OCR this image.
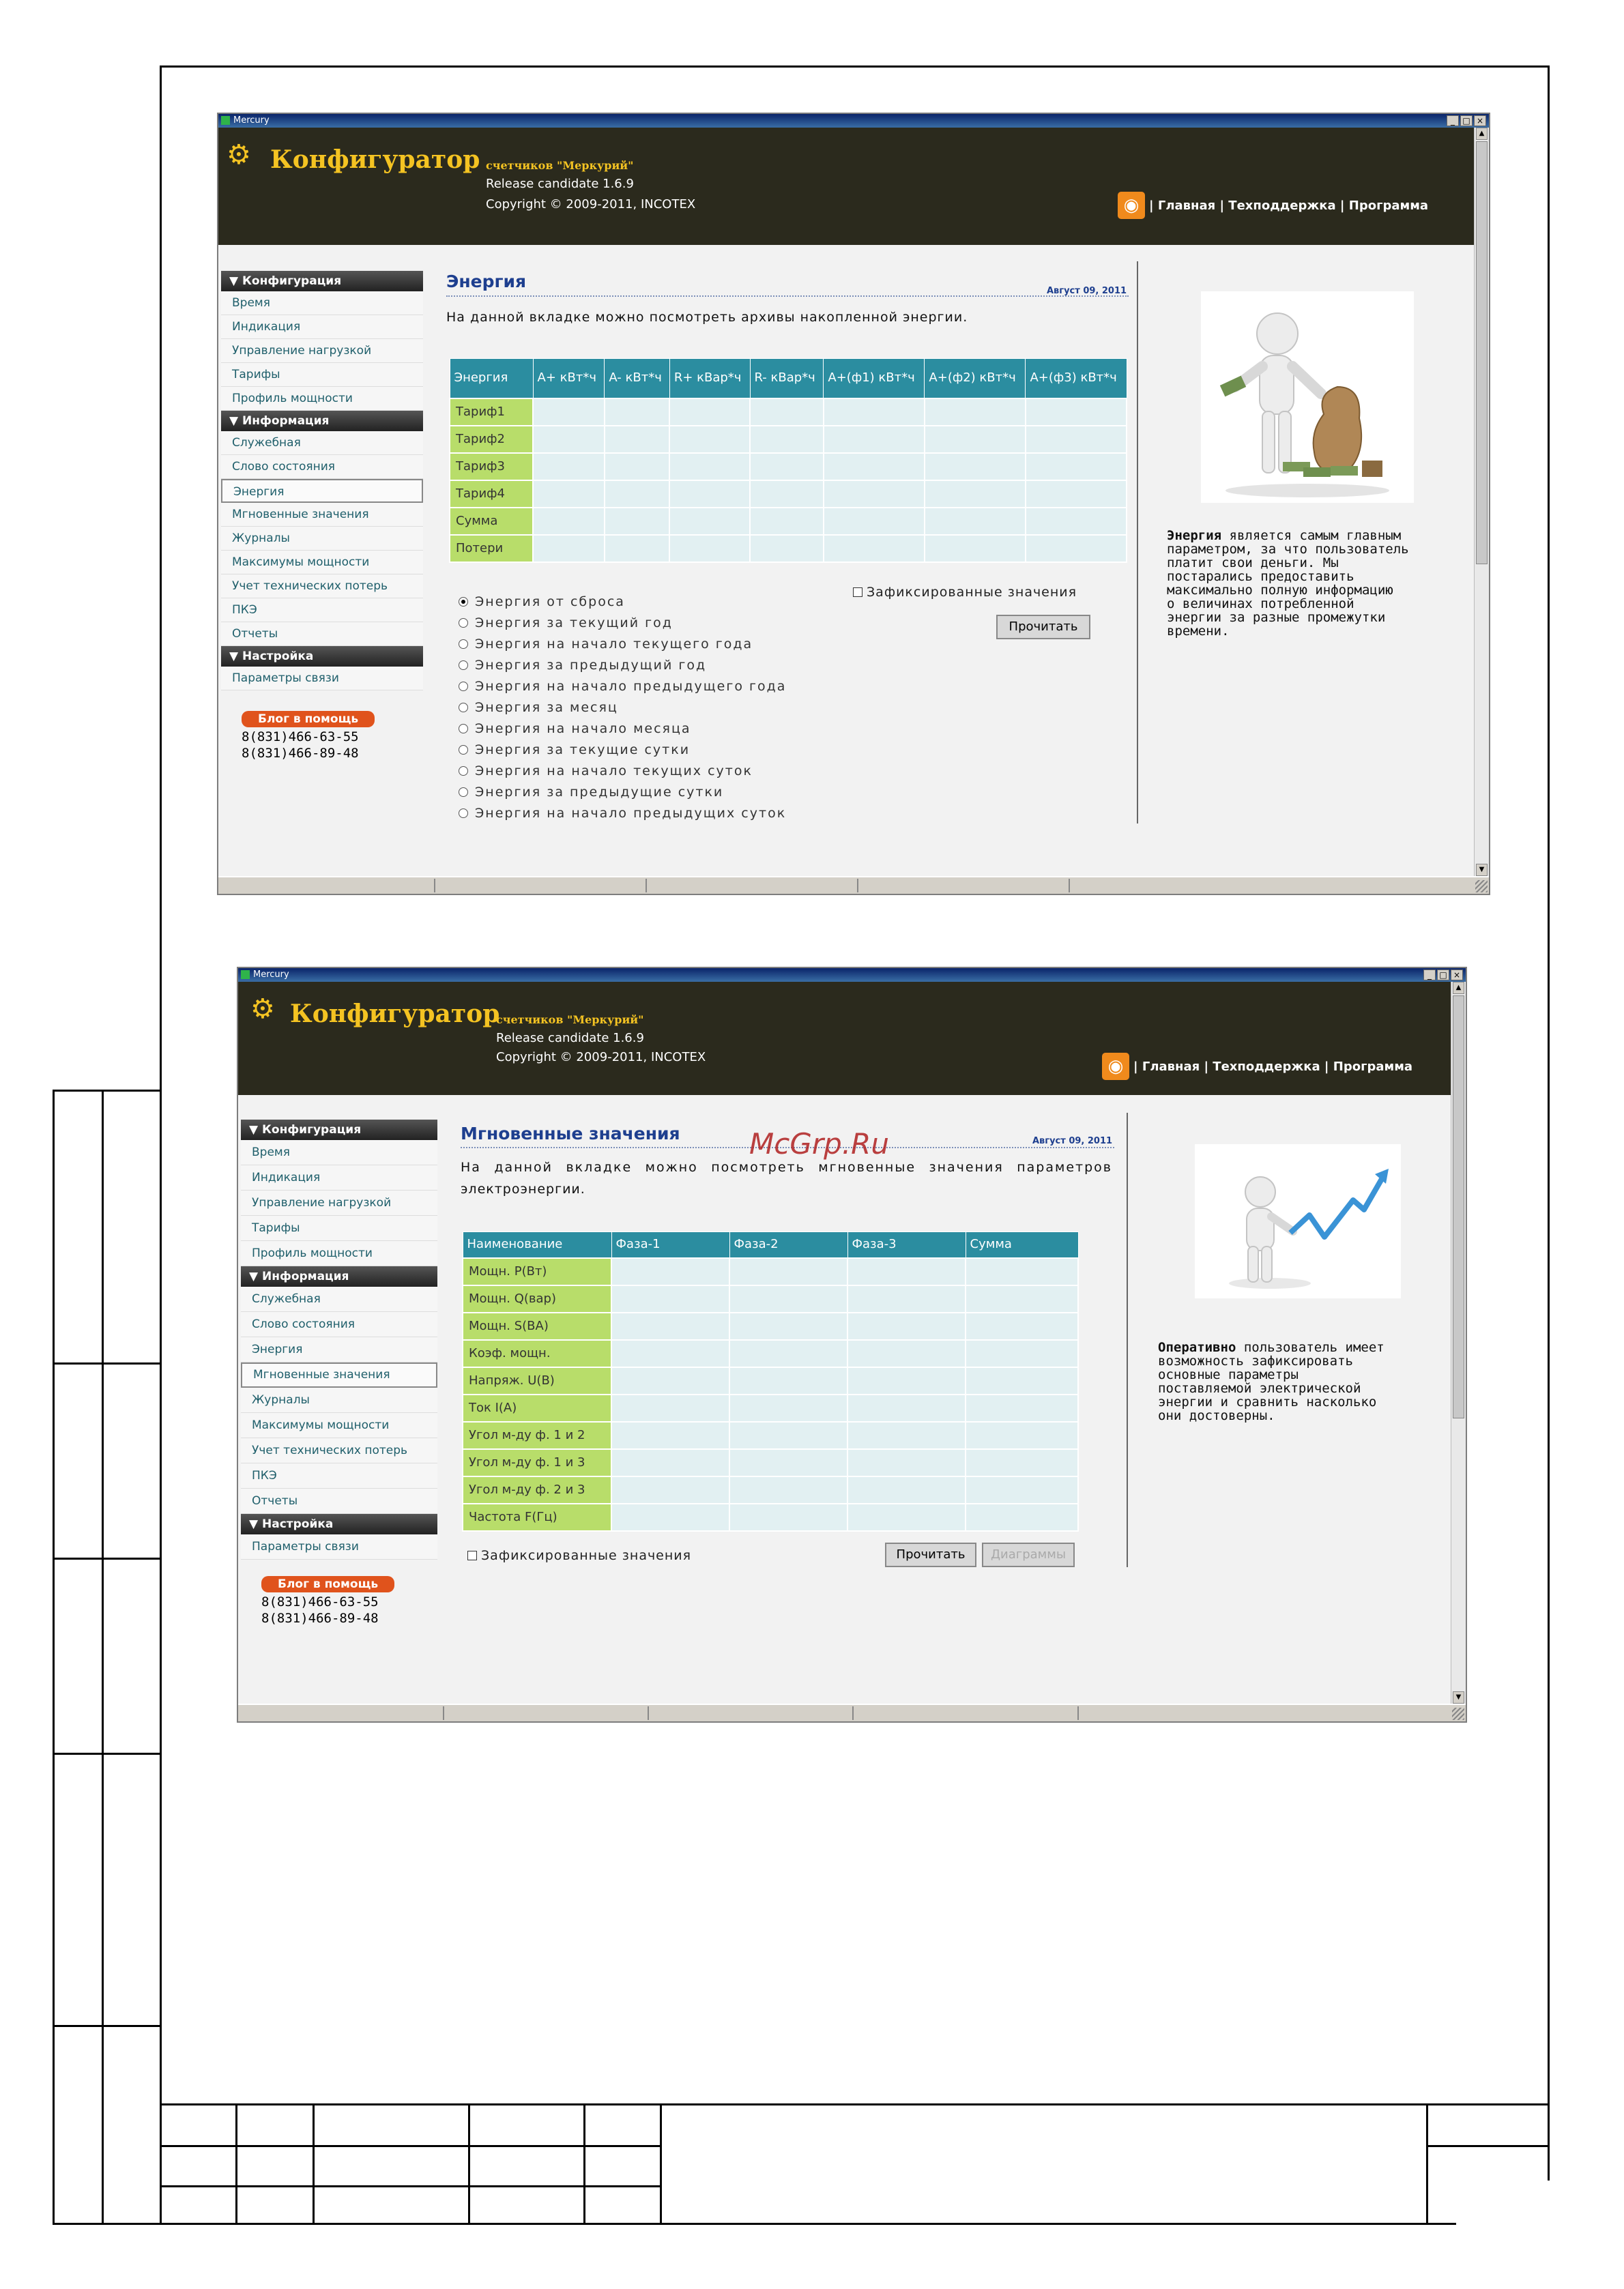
Mercury	_ □ ×
⚙ Конфигуратор счетчиков "Меркурий"
Release candidate 1.6.9
Copyright © 2009-2011, INCOTEX	◉ | Главная | Техподдержка | Программа
▼ Конфигурация
Время
Индикация
Управление нагрузкой
Тарифы
Профиль мощности
▼ Информация
Служебная
Слово состояния
Энергия
Мгновенные значения
Журналы
Максимумы мощности
Учет технических потерь
ПКЭ
Отчеты
▼ Настройка
Параметры связи
Блог в помощь
8(831)466-63-55
8(831)466-89-48
Энергия	Август 09, 2011
На данной вкладке можно посмотреть архивы накопленной энергии.
Энергия	A+ кВт*ч	A- кВт*ч	R+ кВар*ч	R- кВар*ч	A+(ф1) кВт*ч	A+(ф2) кВт*ч	A+(ф3) кВт*ч
Тариф1							
Тариф2							
Тариф3							
Тариф4							
Сумма							
Потери							
Энергия от сброса
Энергия за текущий год
Энергия на начало текущего года
Энергия за предыдущий год
Энергия на начало предыдущего года
Энергия за месяц
Энергия на начало месяца
Энергия за текущие сутки
Энергия на начало текущих суток
Энергия за предыдущие сутки
Энергия на начало предыдущих суток
Зафиксированные значения
Прочитать
Энергия является самым главным
параметром, за что пользователь
платит свои деньги. Мы
постарались предоставить
максимально полную информацию
о величинах потребленной
энергии за разные промежутки
времени.
▲
▼
Mercury	_ □ ×
⚙ Конфигуратор
счетчиков "Меркурий"
Release candidate 1.6.9
Copyright © 2009-2011, INCOTEX	◉ | Главная | Техподдержка | Программа
▼ Конфигурация
Время
Индикация
Управление нагрузкой
Тарифы
Профиль мощности
▼ Информация
Служебная
Слово состояния
Энергия
Мгновенные значения
Журналы
Максимумы мощности
Учет технических потерь
ПКЭ
Отчеты
▼ Настройка
Параметры связи
Блог в помощь
8(831)466-63-55
8(831)466-89-48
Мгновенные значения	Август 09, 2011
На данной вкладке можно посмотреть мгновенные значения параметров
электроэнергии.
Наименование	Фаза-1	Фаза-2	Фаза-3	Сумма
Мощн. P(Вт)				
Мощн. Q(вар)				
Мощн. S(ВА)				
Коэф. мощн.				
Напряж. U(В)				
Ток I(А)				
Угол м-ду ф. 1 и 2				
Угол м-ду ф. 1 и 3				
Угол м-ду ф. 2 и 3				
Частота F(Гц)				
Зафиксированные значения	Прочитать	Диаграммы
Оперативно пользователь имеет
возможность зафиксировать
основные параметры
поставляемой электрической
энергии и сравнить насколько
они достоверны.
▲
▼
McGrp.Ru
